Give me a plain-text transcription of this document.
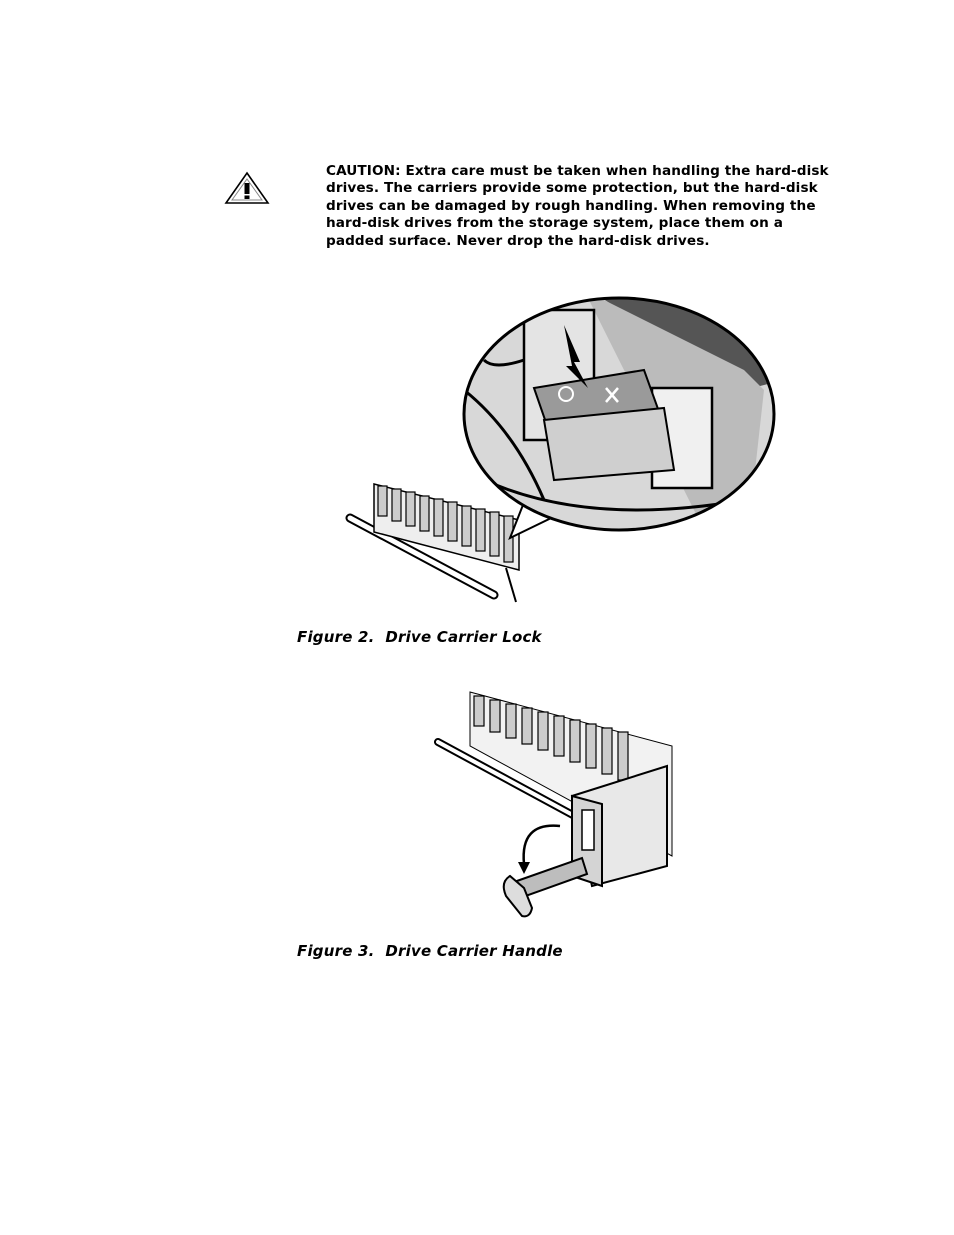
CAUTION: Extra care must be taken when handling the hard-disk drives. The carriers provide some protection, but the hard-disk drives can be damaged by rough handling. When removing the hard-disk drives from the storage system, place them on a padded surface. Never drop the hard-disk drives.
Figure 2.  Drive Carrier Lock
Figure 3.  Drive Carrier Handle
